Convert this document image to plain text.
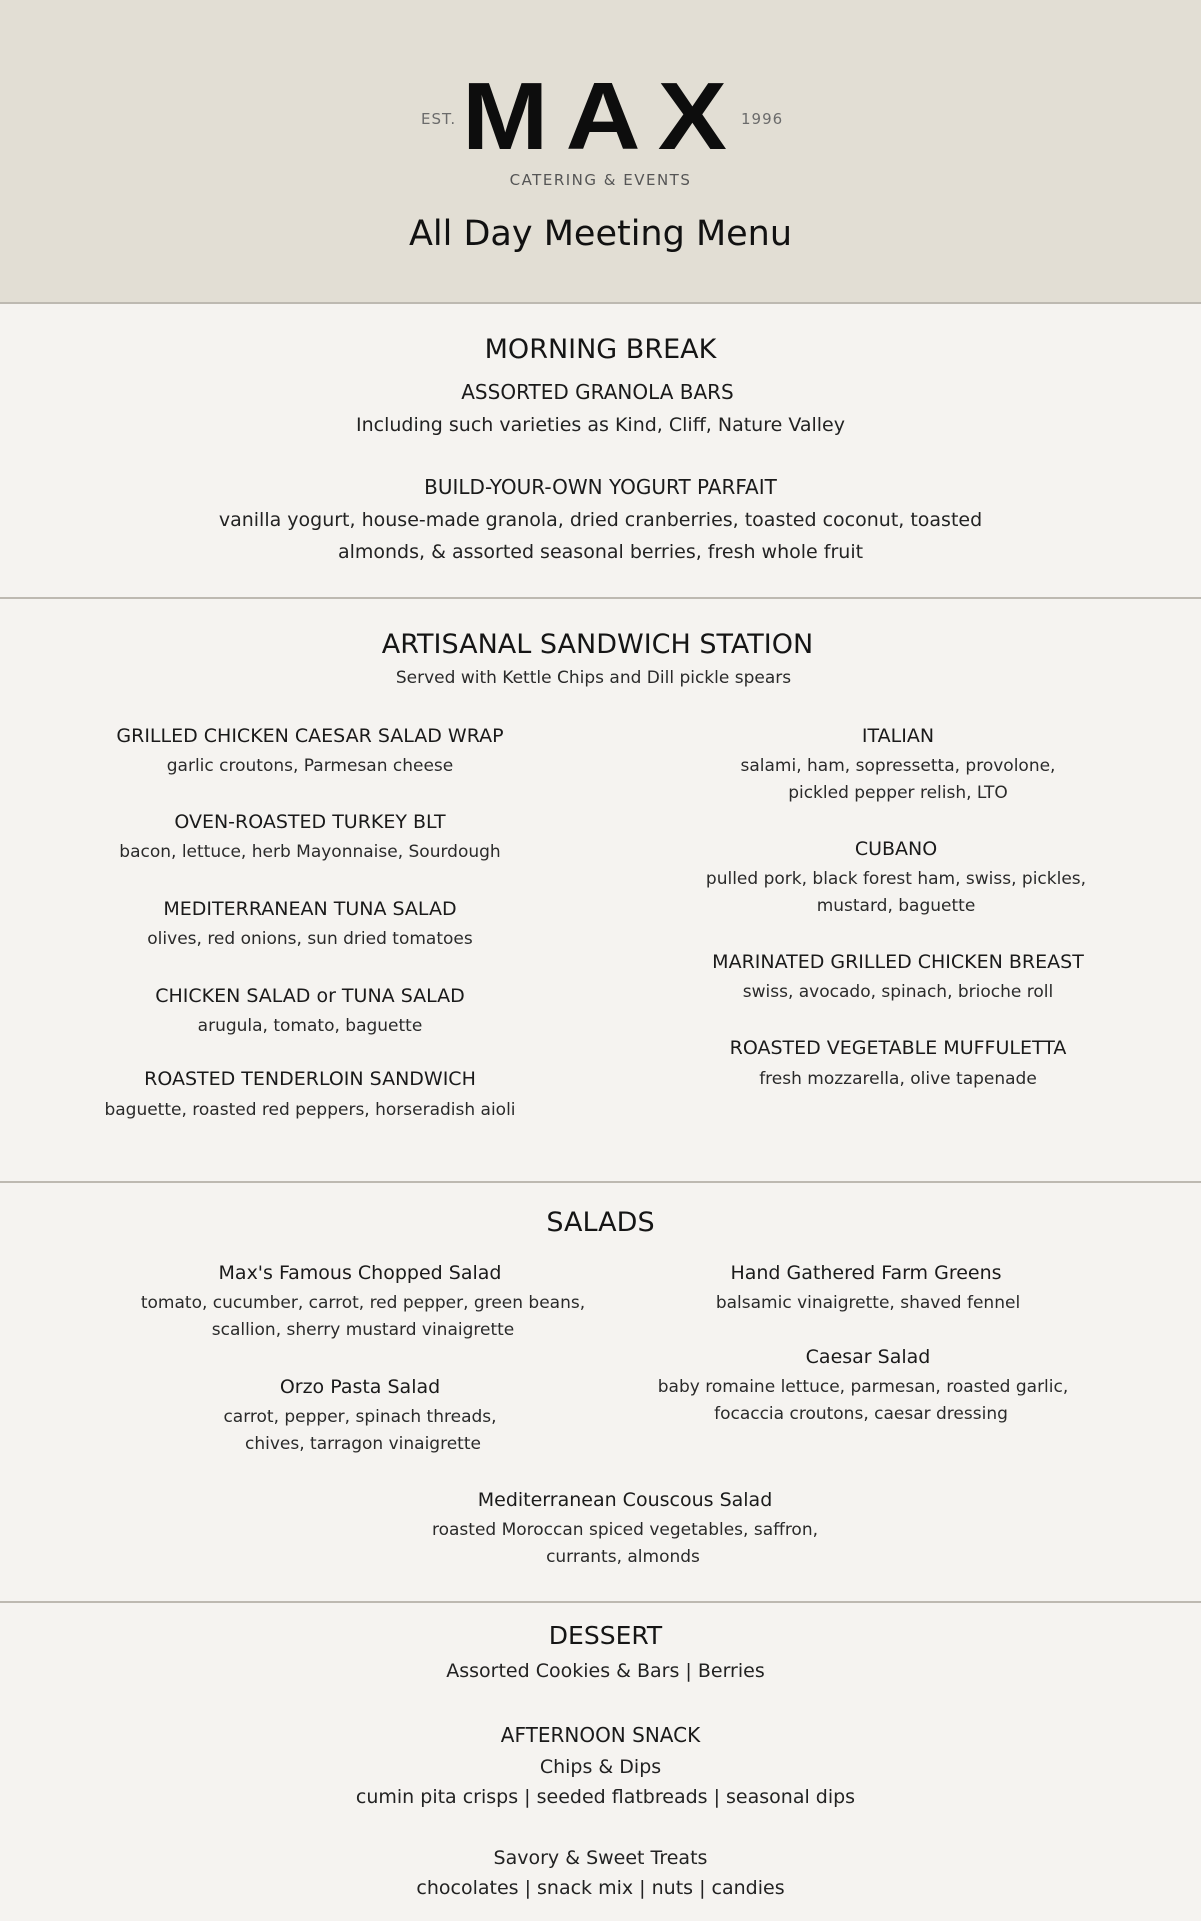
EST. MAX
1996
CATERING & EVENTS
All Day Meeting Menu
MORNING BREAK
ASSORTED GRANOLA BARS
Including such varieties as Kind, Cliff, Nature Valley
BUILD-YOUR-OWN YOGURT PARFAIT
vanilla yogurt, house-made granola, dried cranberries, toasted coconut, toasted
almonds, & assorted seasonal berries, fresh whole fruit
ARTISANAL SANDWICH STATION
Served with Kettle Chips and Dill pickle spears
GRILLED CHICKEN CAESAR SALAD WRAP
garlic croutons, Parmesan cheese
OVEN-ROASTED TURKEY BLT
bacon, lettuce, herb Mayonnaise, Sourdough
MEDITERRANEAN TUNA SALAD
olives, red onions, sun dried tomatoes
CHICKEN SALAD or TUNA SALAD
arugula, tomato, baguette
ROASTED TENDERLOIN SANDWICH
baguette, roasted red peppers, horseradish aioli
ITALIAN
salami, ham, sopressetta, provolone,
pickled pepper relish, LTO
CUBANO
pulled pork, black forest ham, swiss, pickles,
mustard, baguette
MARINATED GRILLED CHICKEN BREAST
swiss, avocado, spinach, brioche roll
ROASTED VEGETABLE MUFFULETTA
fresh mozzarella, olive tapenade
SALADS
Max's Famous Chopped Salad
tomato, cucumber, carrot, red pepper, green beans,
scallion, sherry mustard vinaigrette
Orzo Pasta Salad
carrot, pepper, spinach threads,
chives, tarragon vinaigrette
Hand Gathered Farm Greens
balsamic vinaigrette, shaved fennel
Caesar Salad
baby romaine lettuce, parmesan, roasted garlic,
focaccia croutons, caesar dressing
Mediterranean Couscous Salad
roasted Moroccan spiced vegetables, saffron,
currants, almonds
DESSERT
Assorted Cookies & Bars | Berries
AFTERNOON SNACK
Chips & Dips
cumin pita crisps | seeded flatbreads | seasonal dips
Savory & Sweet Treats
chocolates | snack mix | nuts | candies
